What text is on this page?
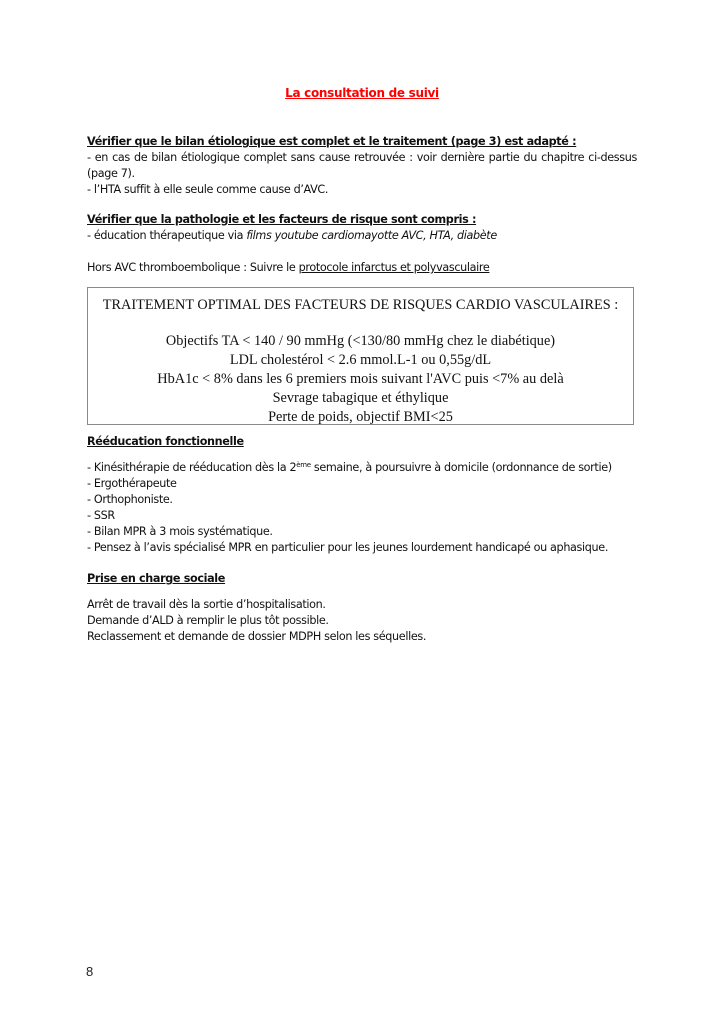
La consultation de suivi
Vérifier que le bilan étiologique est complet et le traitement (page 3) est adapté :
- en cas de bilan étiologique complet sans cause retrouvée : voir dernière partie du chapitre ci-dessus (page 7).
- l’HTA suffit à elle seule comme cause d’AVC.
Vérifier que la pathologie et les facteurs de risque sont compris :
- éducation thérapeutique via films youtube cardiomayotte AVC, HTA, diabète
Hors AVC thromboembolique : Suivre le protocole infarctus et polyvasculaire
TRAITEMENT OPTIMAL DES FACTEURS DE RISQUES CARDIO VASCULAIRES :
Objectifs TA < 140 / 90 mmHg (<130/80 mmHg chez le diabétique)
LDL cholestérol < 2.6 mmol.L-1 ou 0,55g/dL
HbA1c < 8% dans les 6 premiers mois suivant l'AVC puis <7% au delà
Sevrage tabagique et éthylique
Perte de poids, objectif BMI<25
Rééducation fonctionnelle
- Kinésithérapie de rééducation dès la 2ème semaine, à poursuivre à domicile (ordonnance de sortie)
- Ergothérapeute
- Orthophoniste.
- SSR
- Bilan MPR à 3 mois systématique.
- Pensez à l’avis spécialisé MPR en particulier pour les jeunes lourdement handicapé ou aphasique.
Prise en charge sociale
Arrêt de travail dès la sortie d’hospitalisation.
Demande d’ALD à remplir le plus tôt possible.
Reclassement et demande de dossier MDPH selon les séquelles.
8
